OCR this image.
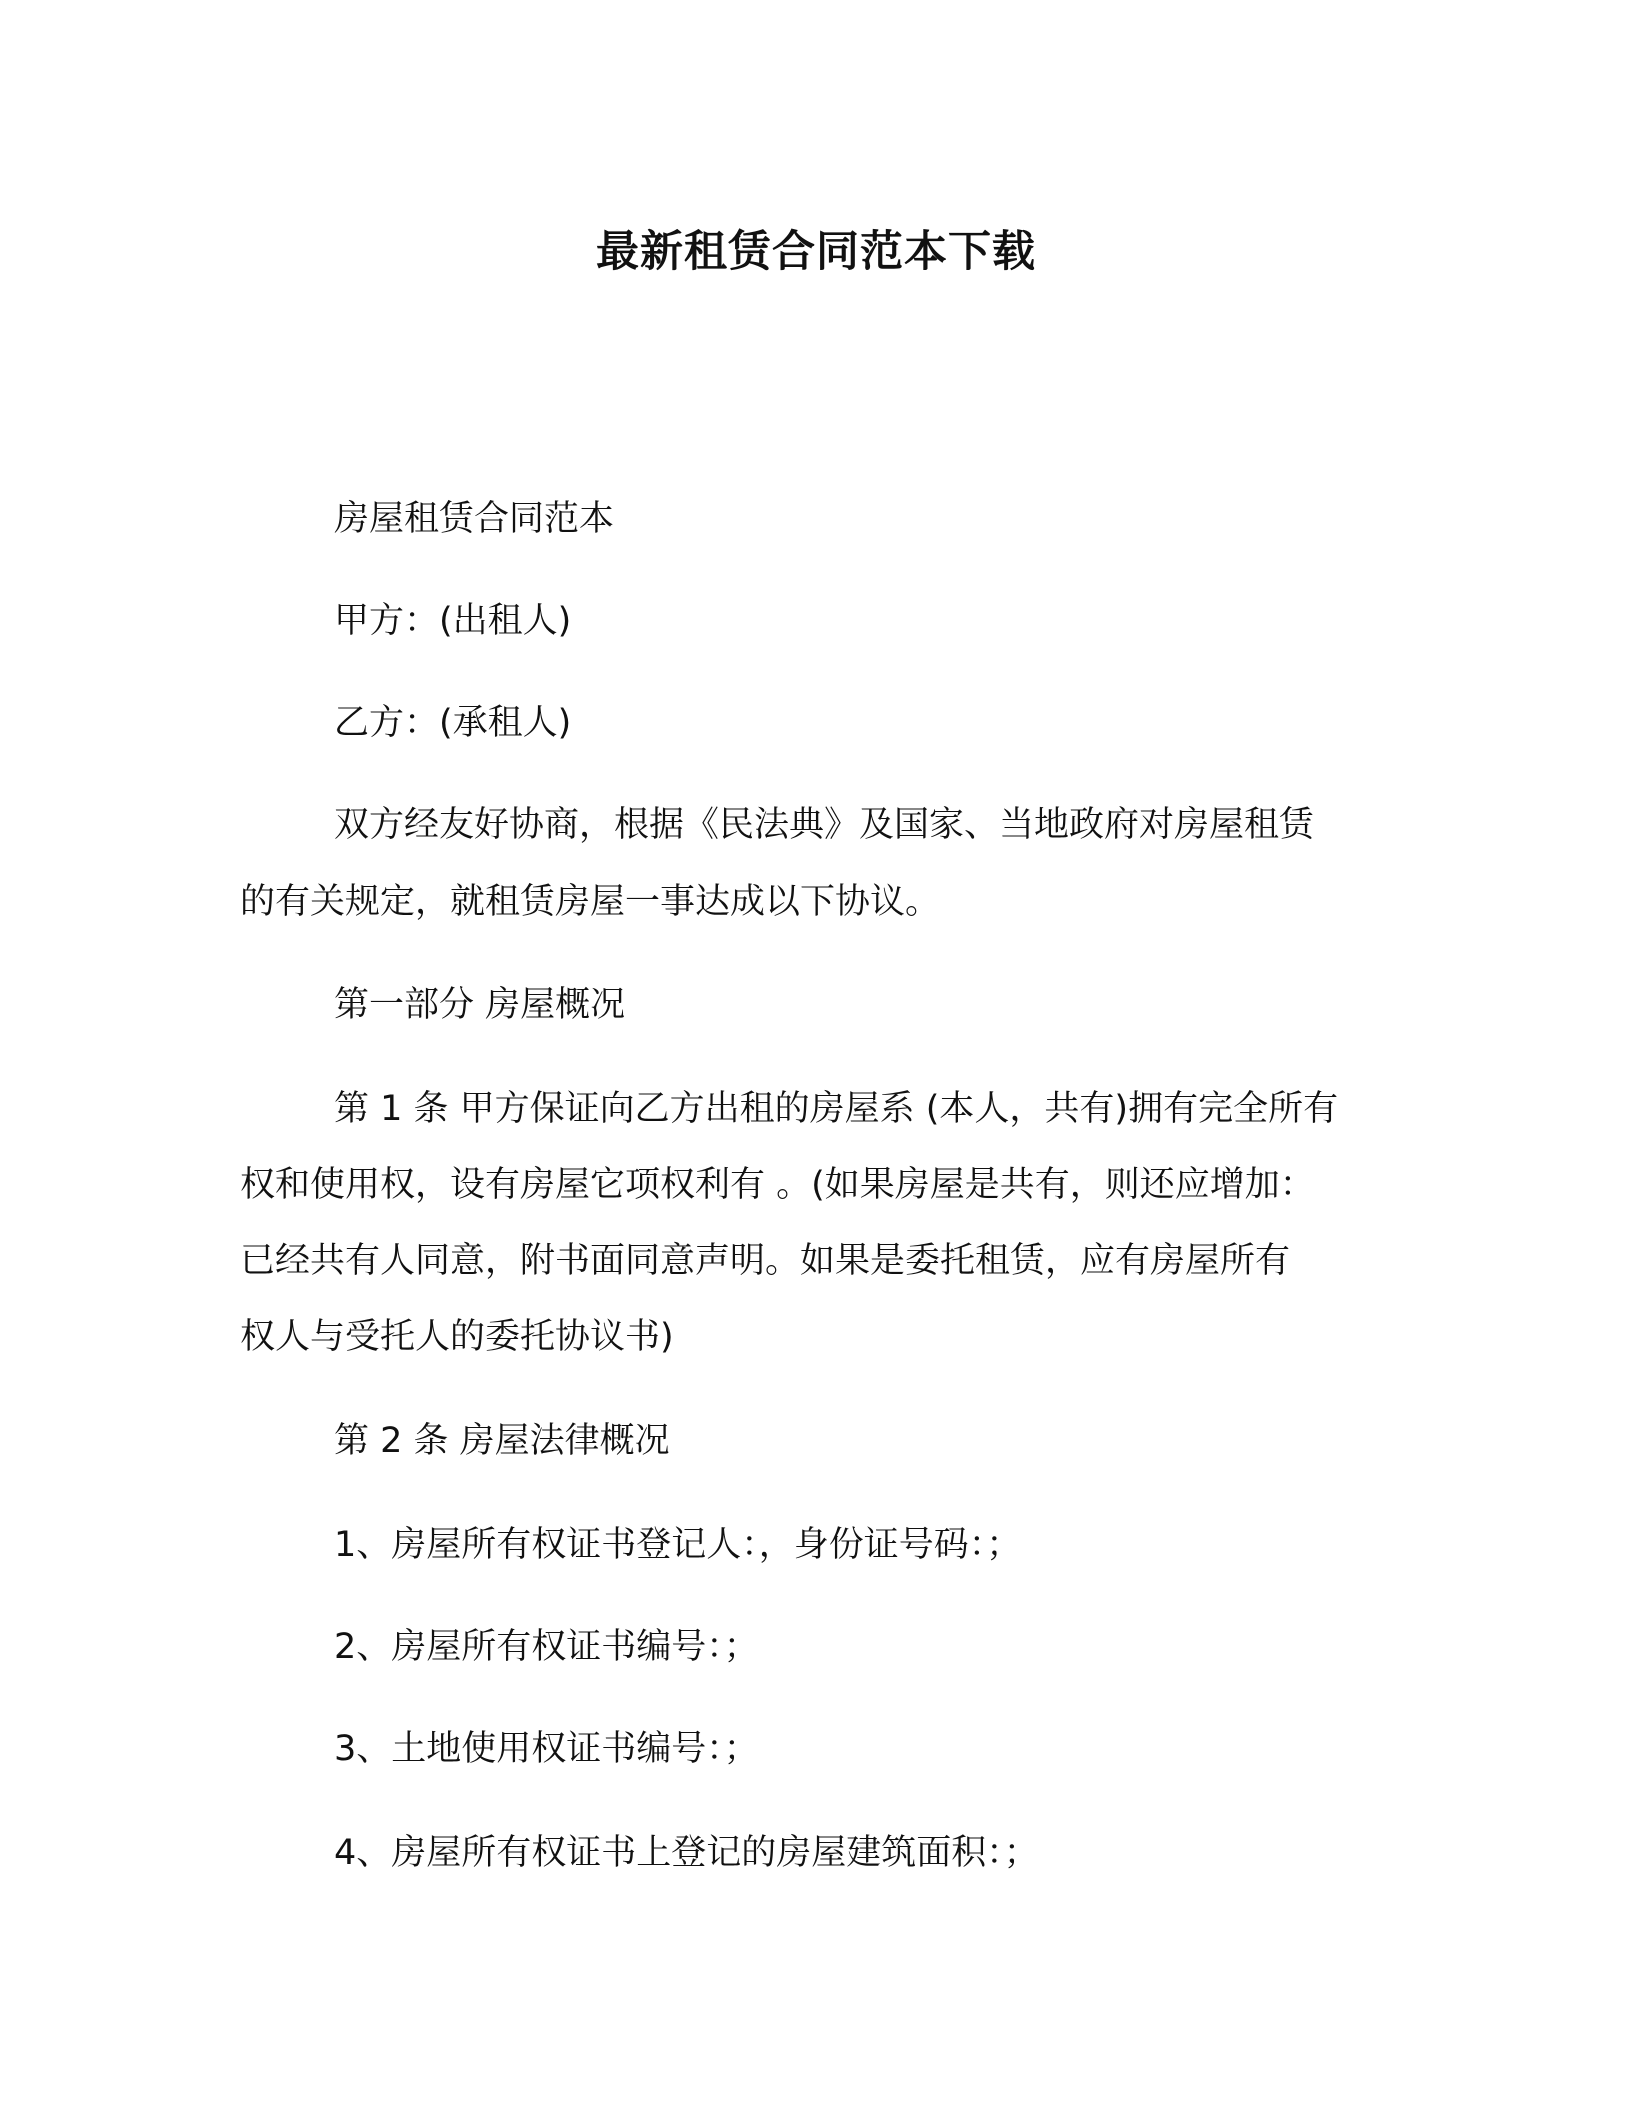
最新租赁合同范本下载
房屋租赁合同范本
甲方：(出租人)
乙方：(承租人)
双方经友好协商，根据《民法典》及国家、当地政府对房屋租赁
的有关规定，就租赁房屋一事达成以下协议。
第一部分 房屋概况
第 1 条 甲方保证向乙方出租的房屋系 (本人，共有)拥有完全所有
权和使用权，设有房屋它项权利有 。(如果房屋是共有，则还应增加：
已经共有人同意，附书面同意声明。如果是委托租赁，应有房屋所有
权人与受托人的委托协议书)
第 2 条 房屋法律概况
1、房屋所有权证书登记人：，身份证号码：；
2、房屋所有权证书编号：；
3、土地使用权证书编号：；
4、房屋所有权证书上登记的房屋建筑面积：；
